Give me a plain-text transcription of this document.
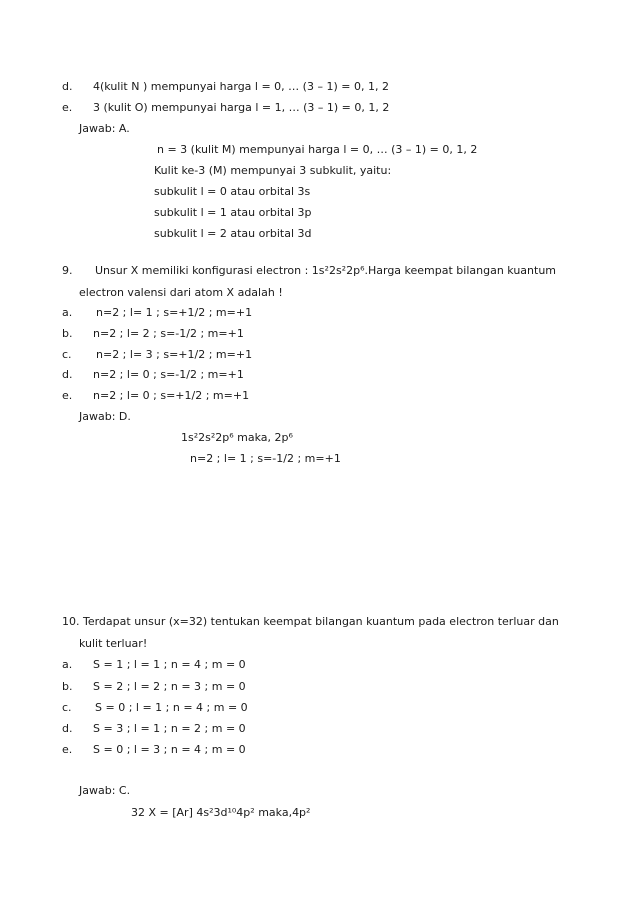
d. 4(kulit N ) mempunyai harga l = 0, … (3 – 1) = 0, 1, 2
e. 3 (kulit O) mempunyai harga l = 1, … (3 – 1) = 0, 1, 2
Jawab: A.
n = 3 (kulit M) mempunyai harga l = 0, … (3 – 1) = 0, 1, 2
Kulit ke-3 (M) mempunyai 3 subkulit, yaitu:
subkulit l = 0 atau orbital 3s
subkulit l = 1 atau orbital 3p
subkulit l = 2 atau orbital 3d
9. Unsur X memiliki konfigurasi electron : 1s²2s²2p⁶.Harga keempat bilangan kuantum
electron valensi dari atom X adalah !
a. n=2 ; l= 1 ; s=+1/2 ; m=+1
b. n=2 ; l= 2 ; s=-1/2 ; m=+1
c. n=2 ; l= 3 ; s=+1/2 ; m=+1
d. n=2 ; l= 0 ; s=-1/2 ; m=+1
e. n=2 ; l= 0 ; s=+1/2 ; m=+1
Jawab: D.
1s²2s²2p⁶ maka, 2p⁶
n=2 ; l= 1 ; s=-1/2 ; m=+1
10. Terdapat unsur (x=32) tentukan keempat bilangan kuantum pada electron terluar dan
kulit terluar!
a. S = 1 ; l = 1 ; n = 4 ; m = 0
b. S = 2 ; l = 2 ; n = 3 ; m = 0
c. S = 0 ; l = 1 ; n = 4 ; m = 0
d. S = 3 ; l = 1 ; n = 2 ; m = 0
e. S = 0 ; l = 3 ; n = 4 ; m = 0
Jawab: C.
32 X = [Ar] 4s²3d¹⁰4p² maka,4p²
